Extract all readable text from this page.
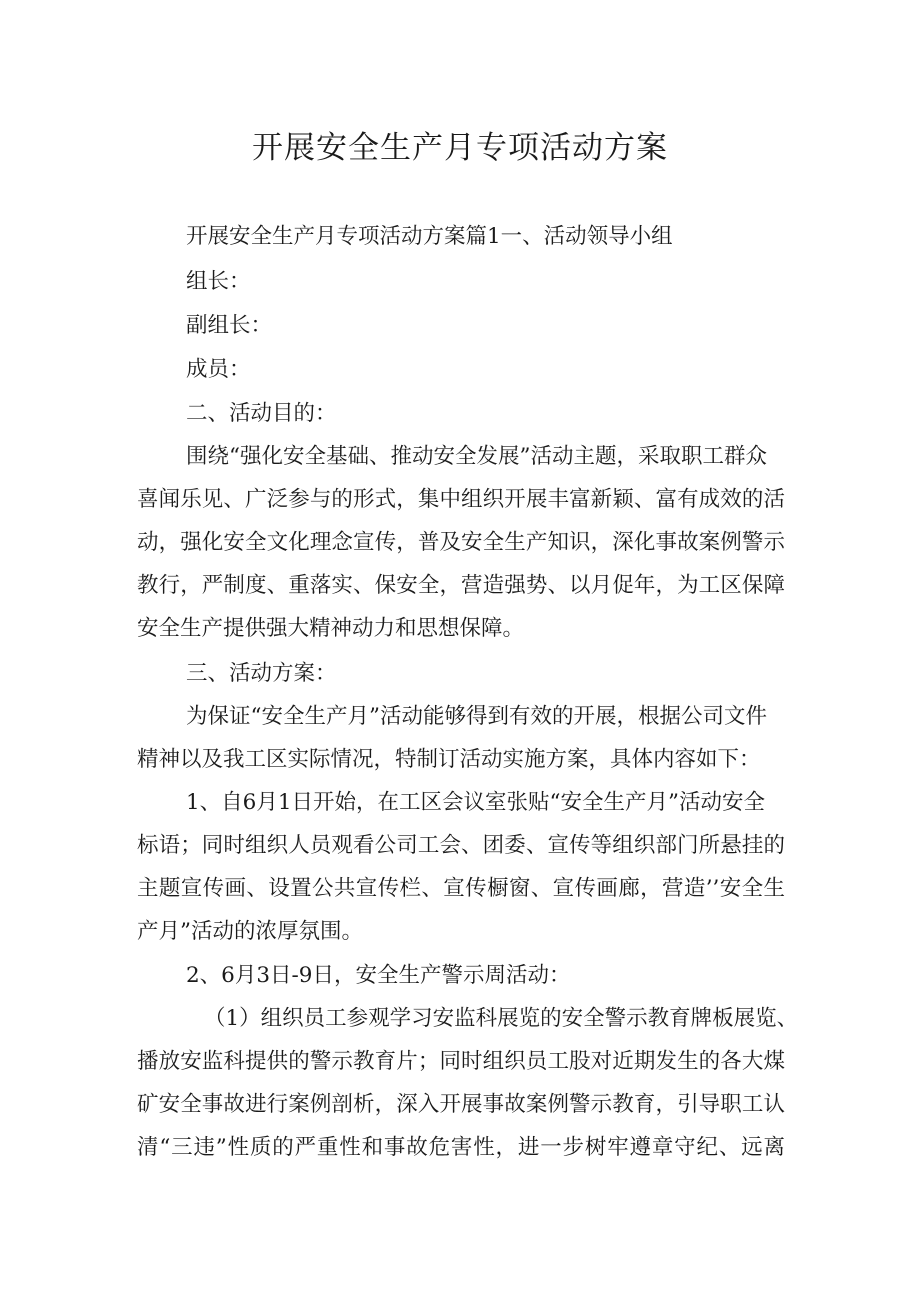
开展安全生产月专项活动方案

开展安全生产月专项活动方案篇1一、活动领导小组

组长：

副组长：

成员：

二、活动目的：

围绕“强化安全基础、推动安全发展”活动主题，采取职工群众

喜闻乐见、广泛参与的形式，集中组织开展丰富新颖、富有成效的活

动，强化安全文化理念宣传，普及安全生产知识，深化事故案例警示

教行，严制度、重落实、保安全，营造强势、以月促年，为工区保障

安全生产提供强大精神动力和思想保障。

三、活动方案：

为保证“安全生产月”活动能够得到有效的开展，根据公司文件

精神以及我工区实际情况，特制订活动实施方案，具体内容如下：

1、自6月1日开始，在工区会议室张贴“安全生产月”活动安全

标语；同时组织人员观看公司工会、团委、宣传等组织部门所悬挂的

主题宣传画、设置公共宣传栏、宣传橱窗、宣传画廊，营造’’安全生

产月”活动的浓厚氛围。

2、6月3日-9日，安全生产警示周活动：

（1）组织员工参观学习安监科展览的安全警示教育牌板展览、

播放安监科提供的警示教育片；同时组织员工股对近期发生的各大煤

矿安全事故进行案例剖析，深入开展事故案例警示教育，引导职工认

清“三违”性质的严重性和事故危害性，进一步树牢遵章守纪、远离
